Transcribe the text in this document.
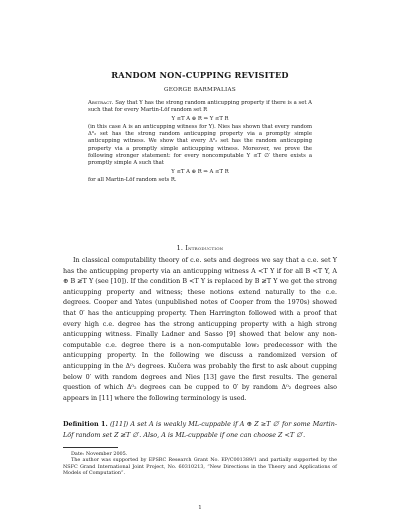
RANDOM NON-CUPPING REVISITED
GEORGE BARMPALIAS
Abstract. Say that Y has the strong random anticupping property if there is a set A such that for every Martin-Löf random set R
Y ≤T A ⊕ R ⇒ Y ≤T R
(in this case A is an anticupping witness for Y). Nies has shown that every random Δ⁰₂ set has the strong random anticupping property via a promptly simple anticupping witness. We show that every Δ⁰₂ set has the random anticupping property via a promptly simple anticupping witness. Moreover, we prove the following stronger statement: for every noncomputable Y ≤T ∅′ there exists a promptly simple A such that
Y ≤T A ⊕ R ⇒ A ≤T R
for all Martin-Löf random sets R.
1. Introduction

In classical computability theory of c.e. sets and degrees we say that a c.e. set Y has the anticupping property via an anticupping witness A <T Y if for all B <T Y, A ⊕ B ≱T Y (see [10]). If the condition B <T Y is replaced by B ≱T Y we get the strong anticupping property and witness; these notions extend naturally to the c.e. degrees. Cooper and Yates (unpublished notes of Cooper from the 1970s) showed that 0′ has the anticupping property. Then Harrington followed with a proof that every high c.e. degree has the strong anticupping property with a high strong anticupping witness. Finally Ladner and Sasso [9] showed that below any non-computable c.e. degree there is a non-computable low₂ predecessor with the anticupping property. In the following we discuss a randomized version of anticupping in the Δ⁰₂ degrees. Kučera was probably the first to ask about cupping below 0′ with random degrees and Nies [13] gave the first results. The general question of which Δ⁰₂ degrees can be cupped to 0′ by random Δ⁰₂ degrees also appears in [11] where the following terminology is used.

Definition 1. ([11]) A set A is weakly ML-cuppable if A ⊕ Z ≥T ∅′ for some Martin-Löf random set Z ≱T ∅′. Also, A is ML-cuppable if one can choose Z <T ∅′.

Date: November 2005.

The author was supported by EPSRC Research Grant No. EP/C001389/1 and partially supported by the NSFC Grand International Joint Project, No. 60310213, “New Directions in the Theory and Applications of Models of Computation”.

1
